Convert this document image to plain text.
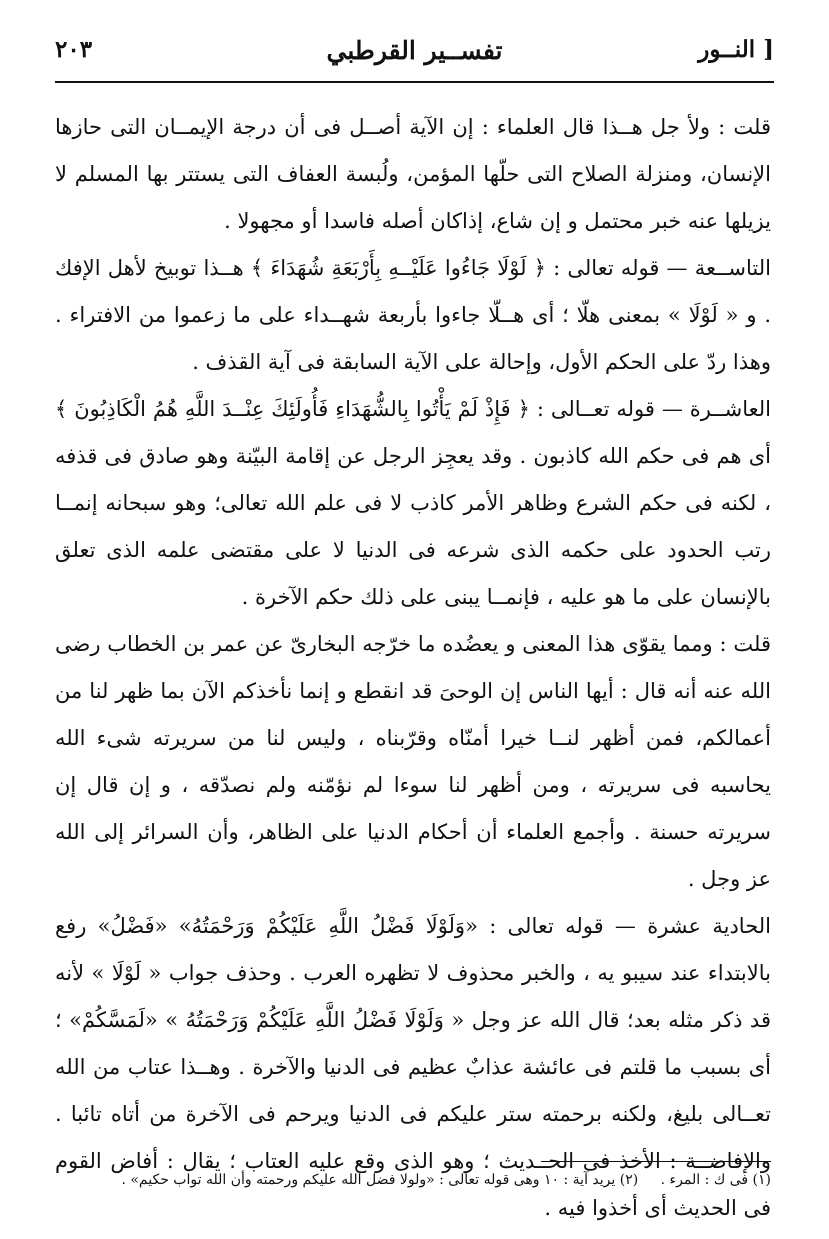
[ النــور
تفســير القرطبي
٢٠٣

قلت : ولأ جل هــذا قال العلماء : إن الآية أصــل فى أن درجة الإيمــان التى حازها الإنسان، ومنزلة الصلاح التى حلّها المؤمن، ولُبسة العفاف التى يستتر بها المسلم لا يزيلها عنه خبر محتمل و إن شاع، إذاكان أصله فاسدا أو مجهولا .

التاســعة — قوله تعالى : ﴿ لَوْلَا جَاءُوا عَلَيْــهِ بِأَرْبَعَةِ شُهَدَاءَ ﴾ هــذا توبيخ لأهل الإفك . و « لَوْلَا » بمعنى هلّا ؛ أى هــلّا جاءوا بأربعة شهــداء على ما زعموا من الافتراء . وهذا ردّ على الحكم الأول، وإحالة على الآية السابقة فى آية القذف .

العاشــرة — قوله تعــالى : ﴿ فَإِذْ لَمْ يَأْتُوا بِالشُّهَدَاءِ فَأُولَئِكَ عِنْــدَ اللَّهِ هُمُ الْكَاذِبُونَ ﴾ أى هم فى حكم الله كاذبون . وقد يعجِز الرجل عن إقامة البيّنة وهو صادق فى قذفه ، لكنه فى حكم الشرع وظاهر الأمر كاذب لا فى علم الله تعالى؛ وهو سبحانه إنمــا رتب الحدود على حكمه الذى شرعه فى الدنيا لا على مقتضى علمه الذى تعلق بالإنسان على ما هو عليه ، فإنمــا يبنى على ذلك حكم الآخرة .

قلت : ومما يقوّى هذا المعنى و يعضُده ما خرّجه البخارىّ عن عمر بن الخطاب رضى الله عنه أنه قال : أيها الناس إن الوحىَ قد انقطع و إنما نأخذكم الآن بما ظهر لنا من أعمالكم، فمن أظهر لنــا خيرا أمنّاه وقرّبناه ، وليس لنا من سريرته شىء الله يحاسبه فى سريرته ، ومن أظهر لنا سوءا لم نؤمّنه ولم نصدّقه ، و إن قال إن سريرته حسنة . وأجمع العلماء أن أحكام الدنيا على الظاهر، وأن السرائر إلى الله عز وجل .

الحادية عشرة — قوله تعالى : «وَلَوْلَا فَضْلُ اللَّهِ عَلَيْكُمْ وَرَحْمَتُهُ» «فَضْلُ» رفع بالابتداء عند سيبو يه ، والخبر محذوف لا تظهره العرب . وحذف جواب « لَوْلَا » لأنه قد ذكر مثله بعد؛ قال الله عز وجل « وَلَوْلَا فَضْلُ اللَّهِ عَلَيْكُمْ وَرَحْمَتُهُ » «لَمَسَّكُمْ» ؛ أى بسبب ما قلتم فى عائشة عذابٌ عظيم فى الدنيا والآخرة . وهــذا عتاب من الله تعــالى بليغ، ولكنه برحمته ستر عليكم فى الدنيا ويرحم فى الآخرة من أتاه تائبا . والإفاضــة : الأخذ فى الحــديث ؛ وهو الذى وقع عليه العتاب ؛ يقال : أفاض القوم فى الحديث أى أخذوا فيه .

(١) فى ك : المرء . (٢) يريد آية : ١٠ وهى قوله تعالى : «ولولا فضل الله عليكم ورحمته وأن الله تواب حكيم» .
